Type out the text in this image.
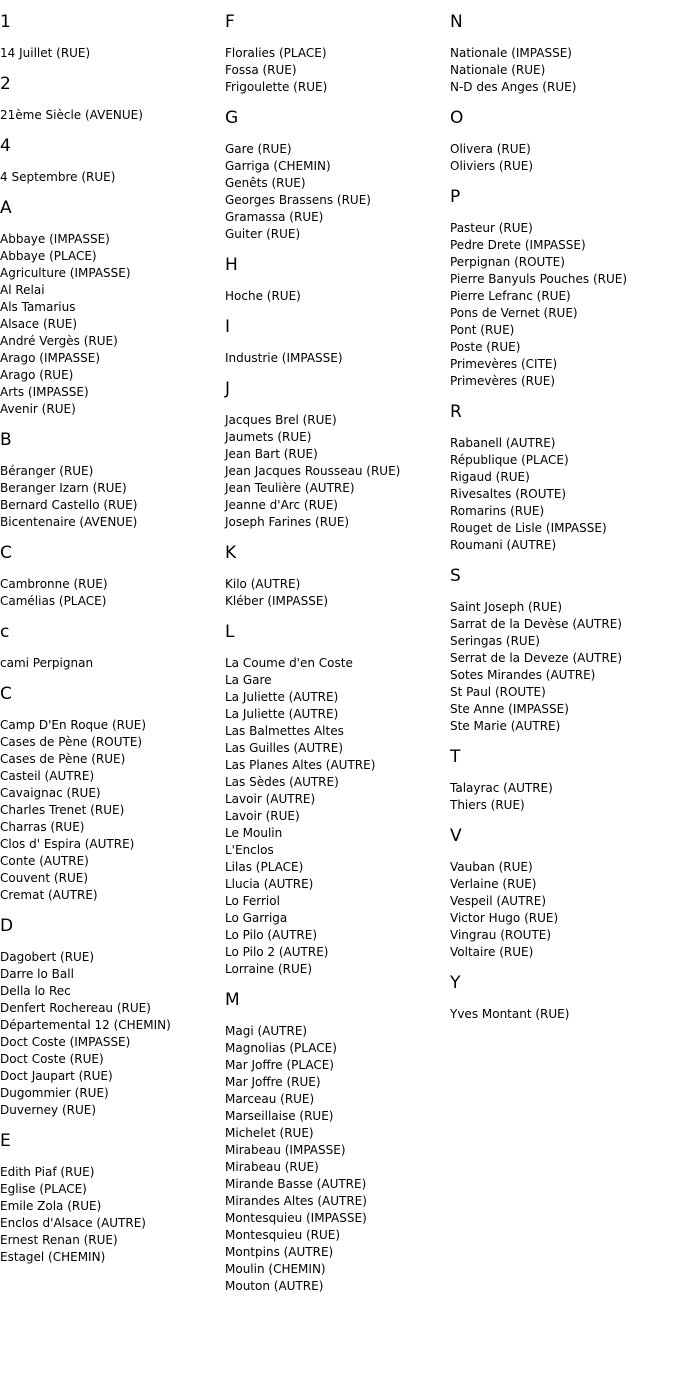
1
14 Juillet (RUE)
2
21ème Siècle (AVENUE)
4
4 Septembre (RUE)
A
Abbaye (IMPASSE)
Abbaye (PLACE)
Agriculture (IMPASSE)
Al Relai
Als Tamarius
Alsace (RUE)
André Vergès (RUE)
Arago (IMPASSE)
Arago (RUE)
Arts (IMPASSE)
Avenir (RUE)
B
Béranger (RUE)
Beranger Izarn (RUE)
Bernard Castello (RUE)
Bicentenaire (AVENUE)
C
Cambronne (RUE)
Camélias (PLACE)
c
cami Perpignan
C
Camp D'En Roque (RUE)
Cases de Pène (ROUTE)
Cases de Pène (RUE)
Casteil (AUTRE)
Cavaignac (RUE)
Charles Trenet (RUE)
Charras (RUE)
Clos d' Espira (AUTRE)
Conte (AUTRE)
Couvent (RUE)
Cremat (AUTRE)
D
Dagobert (RUE)
Darre lo Ball
Della lo Rec
Denfert Rochereau (RUE)
Départemental 12 (CHEMIN)
Doct Coste (IMPASSE)
Doct Coste (RUE)
Doct Jaupart (RUE)
Dugommier (RUE)
Duverney (RUE)
E
Edith Piaf (RUE)
Eglise (PLACE)
Emile Zola (RUE)
Enclos d'Alsace (AUTRE)
Ernest Renan (RUE)
Estagel (CHEMIN)
F
Floralies (PLACE)
Fossa (RUE)
Frigoulette (RUE)
G
Gare (RUE)
Garriga (CHEMIN)
Genêts (RUE)
Georges Brassens (RUE)
Gramassa (RUE)
Guiter (RUE)
H
Hoche (RUE)
I
Industrie (IMPASSE)
J
Jacques Brel (RUE)
Jaumets (RUE)
Jean Bart (RUE)
Jean Jacques Rousseau (RUE)
Jean Teulière (AUTRE)
Jeanne d'Arc (RUE)
Joseph Farines (RUE)
K
Kilo (AUTRE)
Kléber (IMPASSE)
L
La Coume d'en Coste
La Gare
La Juliette (AUTRE)
La Juliette (AUTRE)
Las Balmettes Altes
Las Guilles (AUTRE)
Las Planes Altes (AUTRE)
Las Sèdes (AUTRE)
Lavoir (AUTRE)
Lavoir (RUE)
Le Moulin
L'Enclos
Lilas (PLACE)
Llucia (AUTRE)
Lo Ferriol
Lo Garriga
Lo Pilo (AUTRE)
Lo Pilo 2 (AUTRE)
Lorraine (RUE)
M
Magi (AUTRE)
Magnolias (PLACE)
Mar Joffre (PLACE)
Mar Joffre (RUE)
Marceau (RUE)
Marseillaise (RUE)
Michelet (RUE)
Mirabeau (IMPASSE)
Mirabeau (RUE)
Mirande Basse (AUTRE)
Mirandes Altes (AUTRE)
Montesquieu (IMPASSE)
Montesquieu (RUE)
Montpins (AUTRE)
Moulin (CHEMIN)
Mouton (AUTRE)
N
Nationale (IMPASSE)
Nationale (RUE)
N-D des Anges (RUE)
O
Olivera (RUE)
Oliviers (RUE)
P
Pasteur (RUE)
Pedre Drete (IMPASSE)
Perpignan (ROUTE)
Pierre Banyuls Pouches (RUE)
Pierre Lefranc (RUE)
Pons de Vernet (RUE)
Pont (RUE)
Poste (RUE)
Primevères (CITE)
Primevères (RUE)
R
Rabanell (AUTRE)
République (PLACE)
Rigaud (RUE)
Rivesaltes (ROUTE)
Romarins (RUE)
Rouget de Lisle (IMPASSE)
Roumani (AUTRE)
S
Saint Joseph (RUE)
Sarrat de la Devèse (AUTRE)
Seringas (RUE)
Serrat de la Deveze (AUTRE)
Sotes Mirandes (AUTRE)
St Paul (ROUTE)
Ste Anne (IMPASSE)
Ste Marie (AUTRE)
T
Talayrac (AUTRE)
Thiers (RUE)
V
Vauban (RUE)
Verlaine (RUE)
Vespeil (AUTRE)
Victor Hugo (RUE)
Vingrau (ROUTE)
Voltaire (RUE)
Y
Yves Montant (RUE)
